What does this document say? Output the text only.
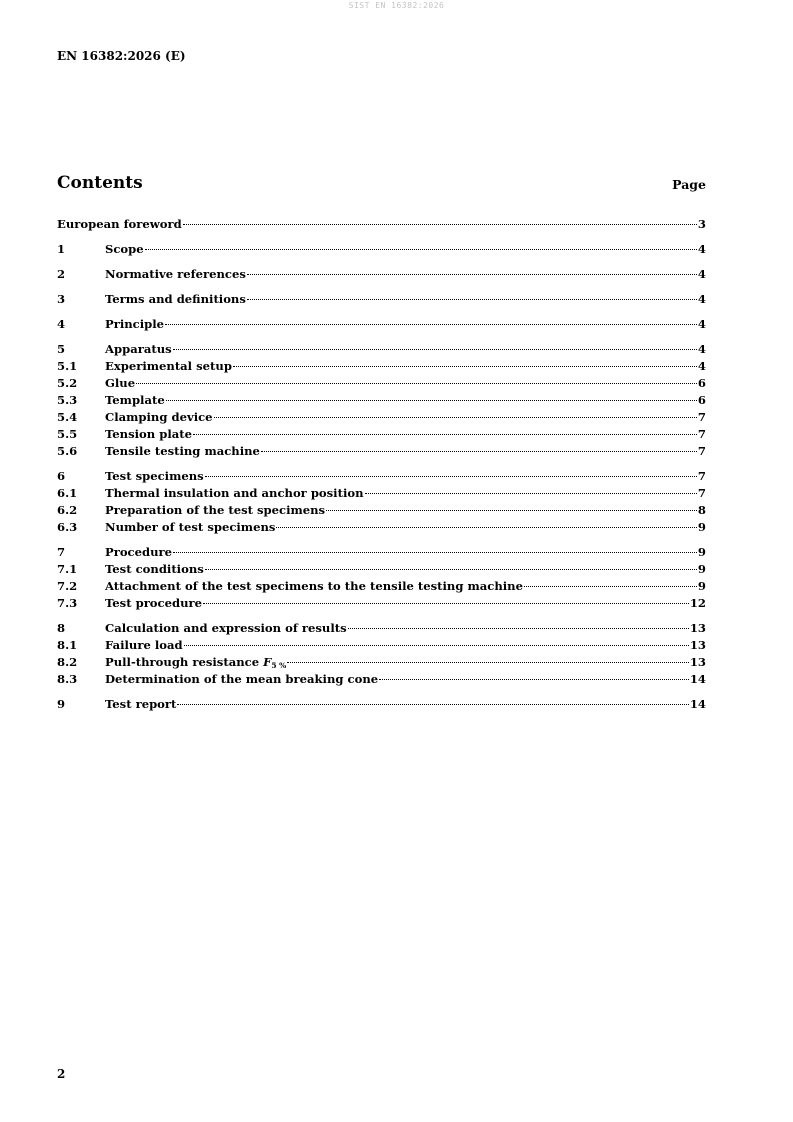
SIST EN 16382:2026
EN 16382:2026 (E)
Contents	Page
European foreword	3
1	Scope	4
2	Normative references	4
3	Terms and definitions	4
4	Principle	4
5	Apparatus	4
5.1	Experimental setup	4
5.2	Glue	6
5.3	Template	6
5.4	Clamping device	7
5.5	Tension plate	7
5.6	Tensile testing machine	7
6	Test specimens	7
6.1	Thermal insulation and anchor position	7
6.2	Preparation of the test specimens	8
6.3	Number of test specimens	9
7	Procedure	9
7.1	Test conditions	9
7.2	Attachment of the test specimens to the tensile testing machine	9
7.3	Test procedure	12
8	Calculation and expression of results	13
8.1	Failure load	13
8.2	Pull-through resistance $F_{5 \%}$	13
8.3	Determination of the mean breaking cone	14
9	Test report	14
2
